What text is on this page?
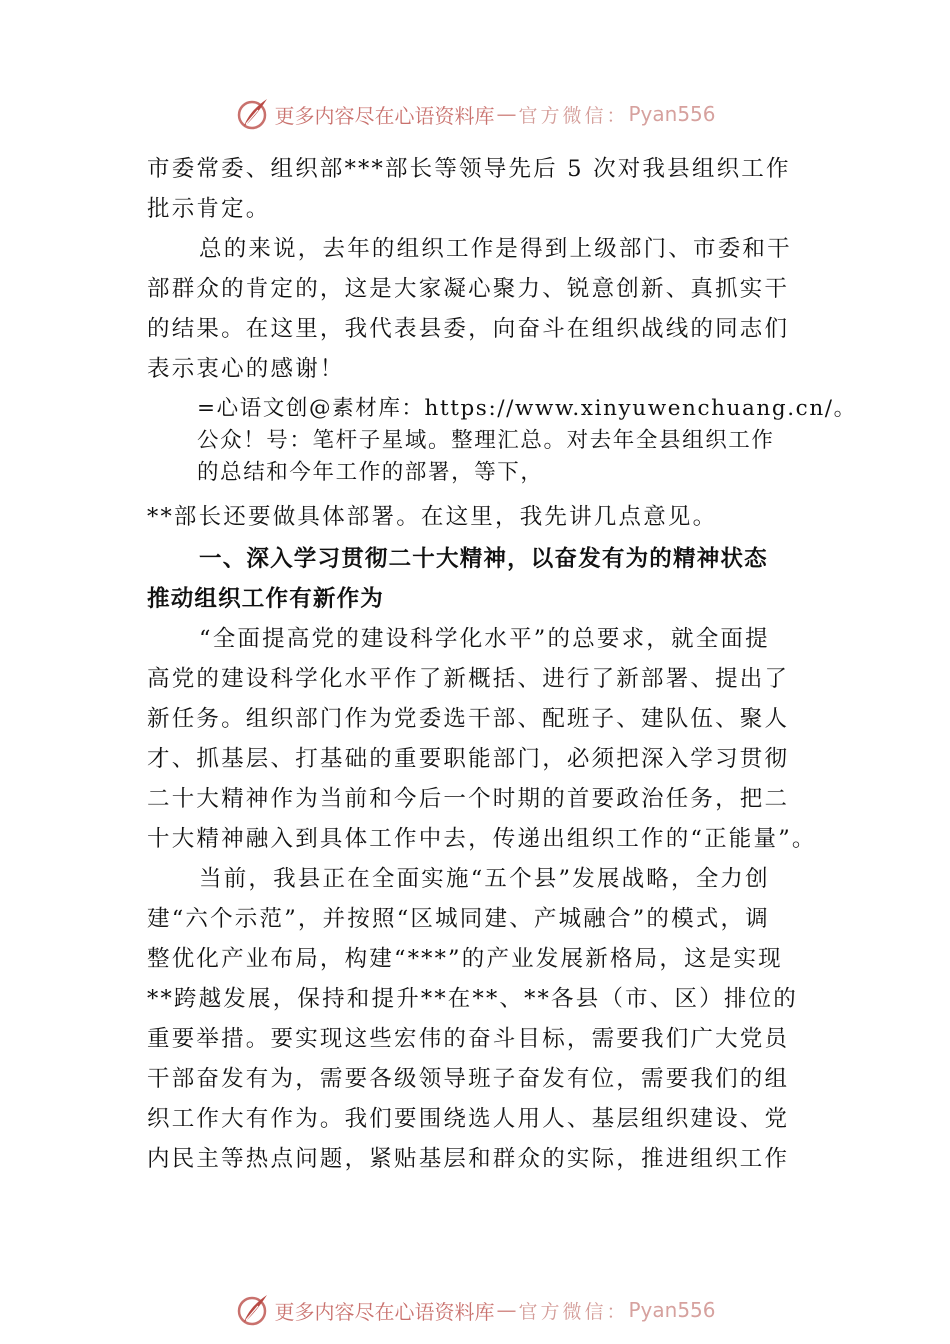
更多内容尽在心语资料库 — 官方微信： Pyan556
市委常委、组织部***部长等领导先后 5 次对我县组织工作
批示肯定。
总的来说，去年的组织工作是得到上级部门、市委和干
部群众的肯定的，这是大家凝心聚力、锐意创新、真抓实干
的结果。在这里，我代表县委，向奋斗在组织战线的同志们
表示衷心的感谢！
=心语文创@素材库：https://www.xinyuwenchuang.cn/。
公众！号：笔杆子星域。整理汇总。对去年全县组织工作
的总结和今年工作的部署，等下，
**部长还要做具体部署。在这里，我先讲几点意见。
一、深入学习贯彻二十大精神，以奋发有为的精神状态
推动组织工作有新作为
“全面提高党的建设科学化水平”的总要求，就全面提
高党的建设科学化水平作了新概括、进行了新部署、提出了
新任务。组织部门作为党委选干部、配班子、建队伍、聚人
才、抓基层、打基础的重要职能部门，必须把深入学习贯彻
二十大精神作为当前和今后一个时期的首要政治任务，把二
十大精神融入到具体工作中去，传递出组织工作的“正能量”。
当前，我县正在全面实施“五个县”发展战略，全力创
建“六个示范”，并按照“区城同建、产城融合”的模式，调
整优化产业布局，构建“***”的产业发展新格局，这是实现
**跨越发展，保持和提升**在**、**各县（市、区）排位的
重要举措。要实现这些宏伟的奋斗目标，需要我们广大党员
干部奋发有为，需要各级领导班子奋发有位，需要我们的组
织工作大有作为。我们要围绕选人用人、基层组织建设、党
内民主等热点问题，紧贴基层和群众的实际，推进组织工作
更多内容尽在心语资料库 — 官方微信： Pyan556
